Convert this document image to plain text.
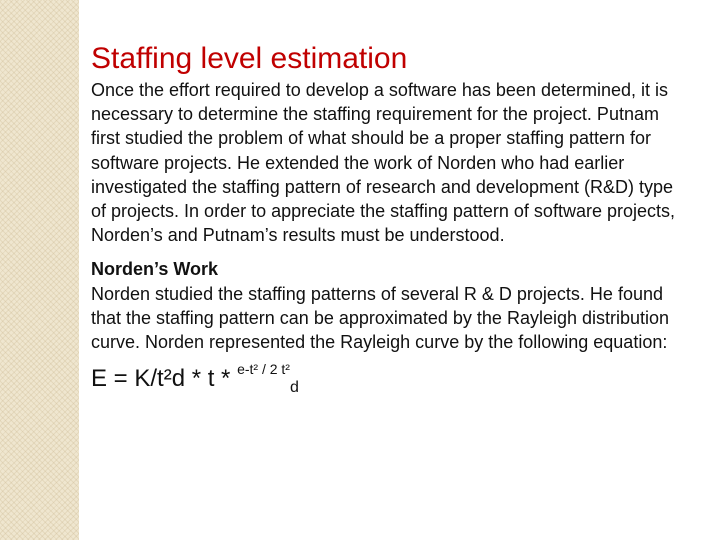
Staffing level estimation

Once the effort required to develop a software has been determined, it is necessary to determine the staffing requirement for the project. Putnam first studied the problem of what should be a proper staffing pattern for software projects. He extended the work of Norden who had earlier investigated the staffing pattern of research and development (R&D) type of projects. In order to appreciate the staffing pattern of software projects, Norden’s and Putnam’s results must be understood.

Norden’s Work

Norden studied the staffing patterns of several R & D projects. He found that the staffing pattern can be approximated by the Rayleigh distribution curve. Norden represented the Rayleigh curve by the following equation:

E = K/t²d * t * $^{e-t^2 / 2 t^2}_d$
